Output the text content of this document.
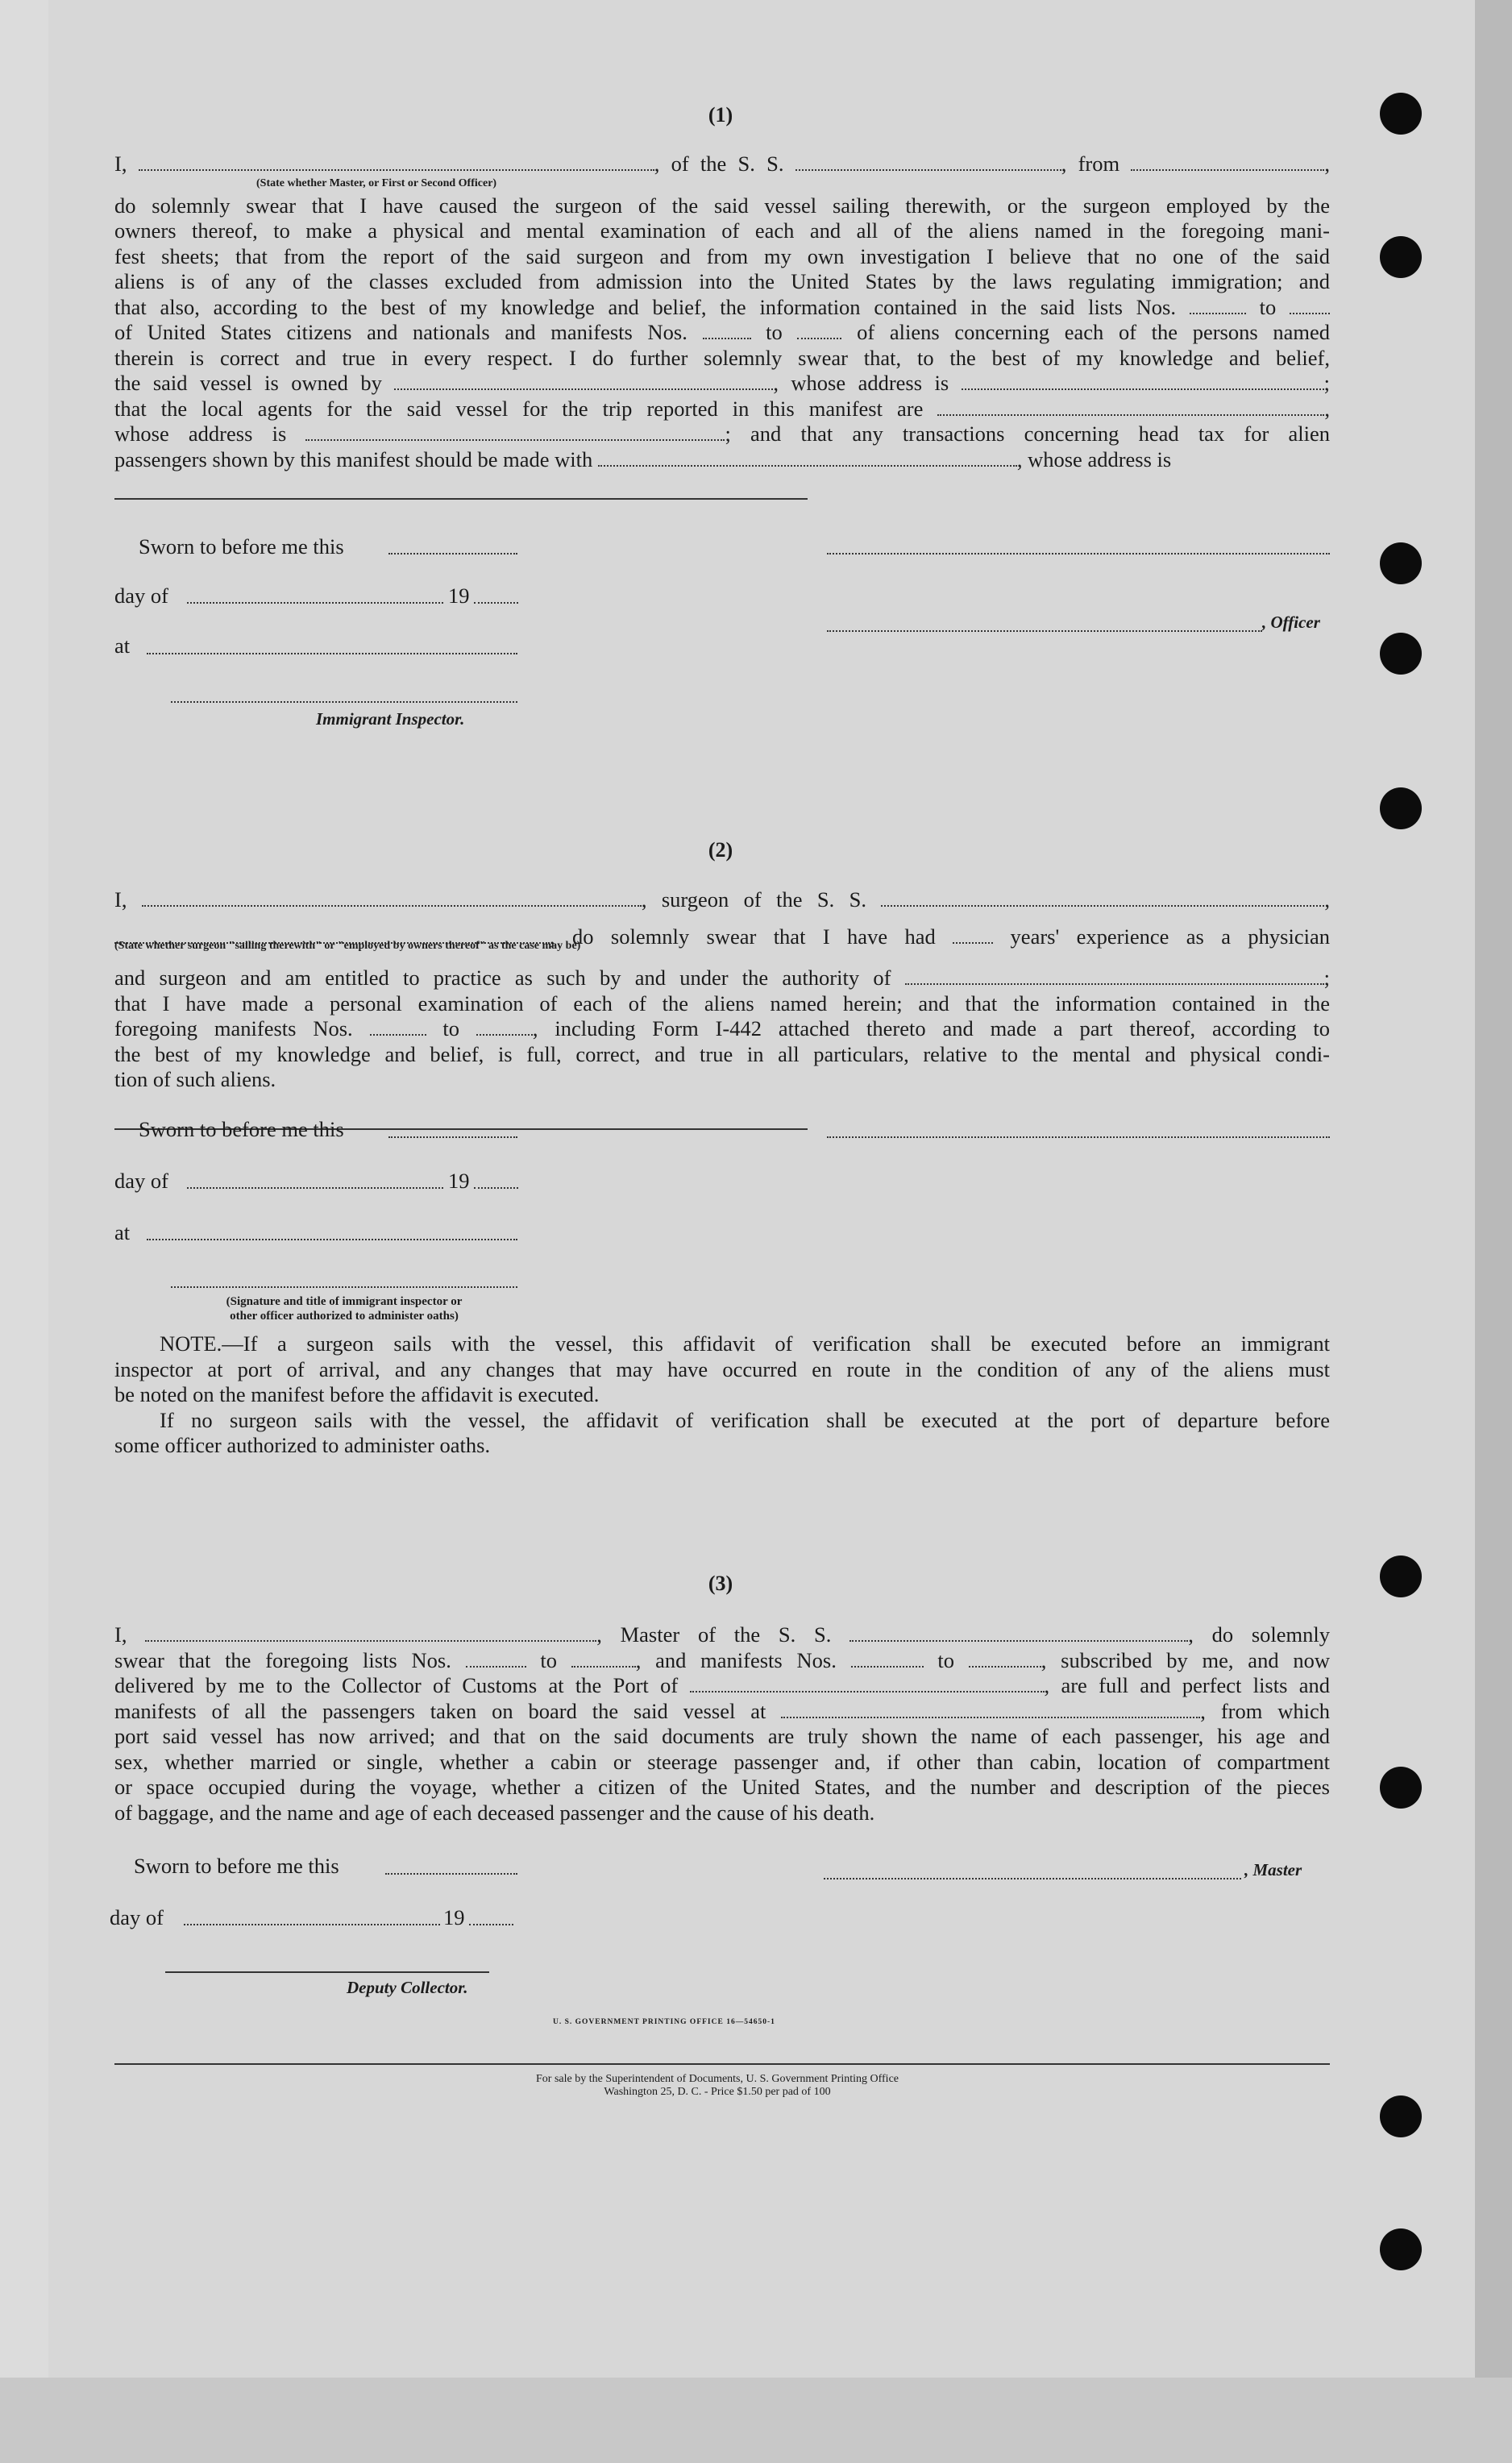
(1)
I,	, of the S. S.	, from	,
do solemnly swear that I have caused the surgeon of the said vessel sailing therewith, or the surgeon employed by the
owners thereof, to make a physical and mental examination of each and all of the aliens named in the foregoing mani-
fest sheets; that from the report of the said surgeon and from my own investigation I believe that no one of the said
aliens is of any of the classes excluded from admission into the United States by the laws regulating immigration; and
that also, according to the best of my knowledge and belief, the information contained in the said lists Nos.	to
of United States citizens and nationals and manifests Nos.  to  of aliens concerning each of the persons named
therein is correct and true in every respect. I do further solemnly swear that, to the best of my knowledge and belief,
the said vessel is owned by	, whose address is	;
that the local agents for the said vessel for the trip reported in this manifest are	,
whose address is	; and that any transactions concerning head tax for alien
passengers shown by this manifest should be made with	, whose address is
(State whether Master, or First or Second Officer)
Sworn to before me this
day of	19
at
Immigrant Inspector.
, Officer
(2)
I,	, surgeon of the S. S.	,
, do solemnly swear that I have had  years' experience as a physician
and surgeon and am entitled to practice as such by and under the authority of	;
that I have made a personal examination of each of the aliens named herein; and that the information contained in the
foregoing manifests Nos.	to	, including Form I-442 attached thereto and made a part thereof, according to
the best of my knowledge and belief, is full, correct, and true in all particulars, relative to the mental and physical condi-
tion of such aliens.
(State whether surgeon "sailing therewith" or "employed by owners thereof" as the case may be)
Sworn to before me this
day of	19
at
(Signature and title of immigrant inspector or
other officer authorized to administer oaths)
NOTE.—If a surgeon sails with the vessel, this affidavit of verification shall be executed before an immigrant
inspector at port of arrival, and any changes that may have occurred en route in the condition of any of the aliens must
be noted on the manifest before the affidavit is executed.
If no surgeon sails with the vessel, the affidavit of verification shall be executed at the port of departure before
some officer authorized to administer oaths.
(3)
I,	, Master of the S. S.	, do solemnly
swear that the foregoing lists Nos.	to	, and manifests Nos.	to	, subscribed by me, and now
delivered by me to the Collector of Customs at the Port of	, are full and perfect lists and
manifests of all the passengers taken on board the said vessel at	, from which
port said vessel has now arrived; and that on the said documents are truly shown the name of each passenger, his age and
sex, whether married or single, whether a cabin or steerage passenger and, if other than cabin, location of compartment
or space occupied during the voyage, whether a citizen of the United States, and the number and description of the pieces
of baggage, and the name and age of each deceased passenger and the cause of his death.
Sworn to before me this
day of	19
Deputy Collector.
, Master
U. S. GOVERNMENT PRINTING OFFICE 16—54650-1
For sale by the Superintendent of Documents, U. S. Government Printing Office
Washington 25, D. C. - Price $1.50 per pad of 100
